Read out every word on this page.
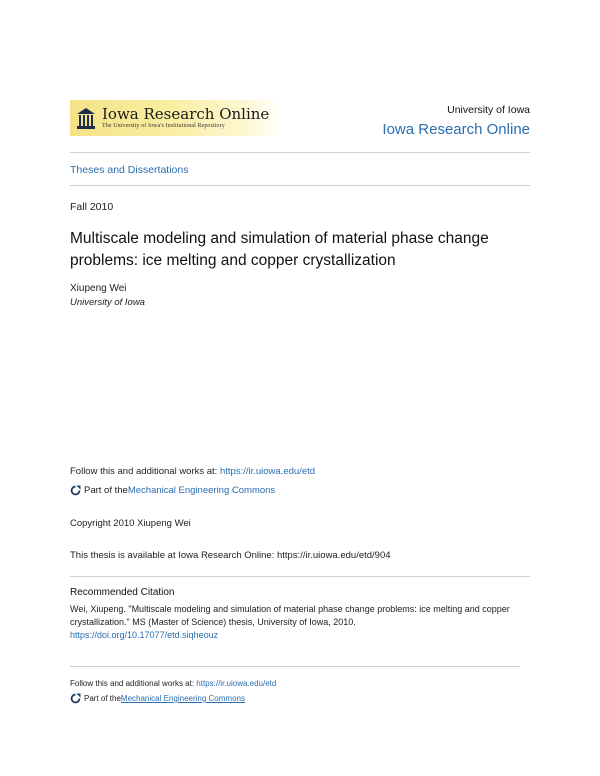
Iowa Research Online
The University of Iowa's Institutional Repository
University of Iowa
Iowa Research Online
Theses and Dissertations
Fall 2010
Multiscale modeling and simulation of material phase change problems: ice melting and copper crystallization
Xiupeng Wei
University of Iowa
Follow this and additional works at: https://ir.uiowa.edu/etd
Part of the Mechanical Engineering Commons
Copyright 2010 Xiupeng Wei
This thesis is available at Iowa Research Online: https://ir.uiowa.edu/etd/904
Recommended Citation
Wei, Xiupeng. "Multiscale modeling and simulation of material phase change problems: ice melting and copper crystallization." MS (Master of Science) thesis, University of Iowa, 2010.
https://doi.org/10.17077/etd.siqheouz
Follow this and additional works at: https://ir.uiowa.edu/etd
Part of the Mechanical Engineering Commons
